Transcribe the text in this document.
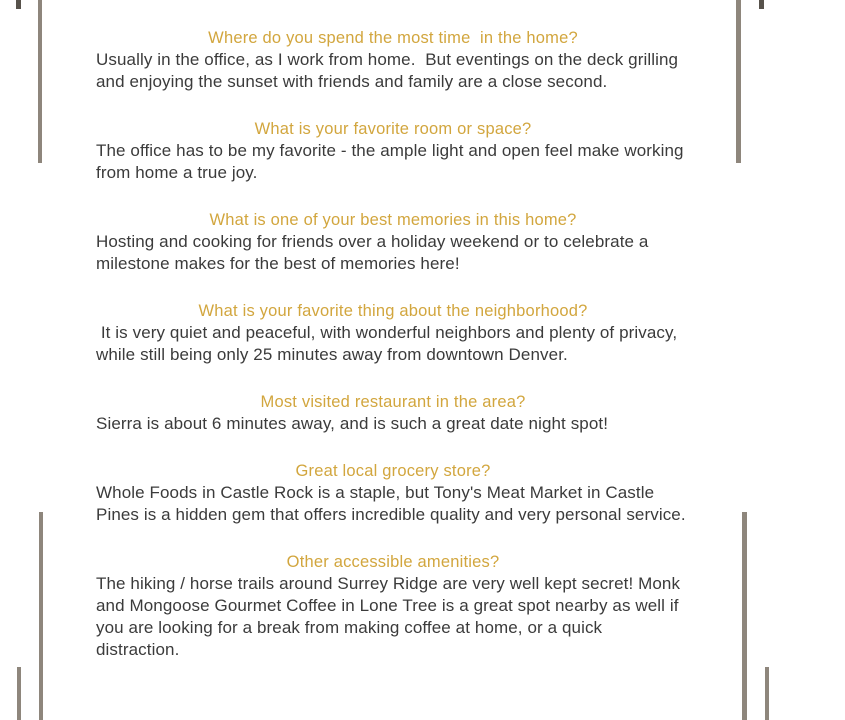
Where do you spend the most time  in the home?

Usually in the office, as I work from home.  But eventings on the deck grilling and enjoying the sunset with friends and family are a close second.

What is your favorite room or space?

The office has to be my favorite - the ample light and open feel make working from home a true joy.

What is one of your best memories in this home?

Hosting and cooking for friends over a holiday weekend or to celebrate a milestone makes for the best of memories here!

What is your favorite thing about the neighborhood?

It is very quiet and peaceful, with wonderful neighbors and plenty of privacy, while still being only 25 minutes away from downtown Denver.

Most visited restaurant in the area?

Sierra is about 6 minutes away, and is such a great date night spot!

Great local grocery store?

Whole Foods in Castle Rock is a staple, but Tony's Meat Market in Castle Pines is a hidden gem that offers incredible quality and very personal service.

Other accessible amenities?

The hiking / horse trails around Surrey Ridge are very well kept secret! Monk and Mongoose Gourmet Coffee in Lone Tree is a great spot nearby as well if you are looking for a break from making coffee at home, or a quick distraction.
